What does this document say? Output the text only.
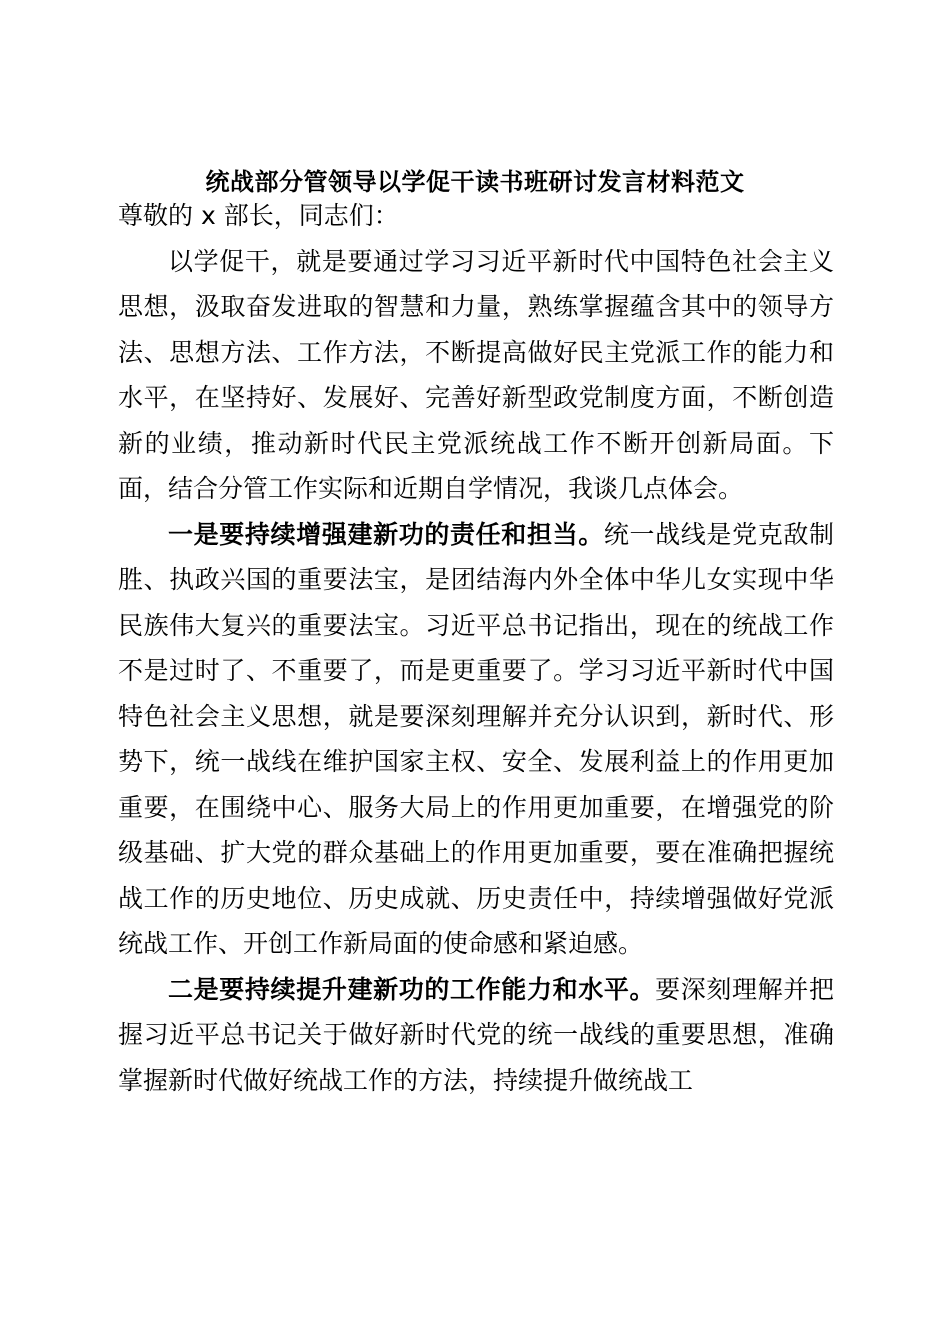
统战部分管领导以学促干读书班研讨发言材料范文

尊敬的 x 部长，同志们：

以学促干，就是要通过学习习近平新时代中国特色社会主义思想，汲取奋发进取的智慧和力量，熟练掌握蕴含其中的领导方法、思想方法、工作方法，不断提高做好民主党派工作的能力和水平，在坚持好、发展好、完善好新型政党制度方面，不断创造新的业绩，推动新时代民主党派统战工作不断开创新局面。下面，结合分管工作实际和近期自学情况，我谈几点体会。

一是要持续增强建新功的责任和担当。统一战线是党克敌制胜、执政兴国的重要法宝，是团结海内外全体中华儿女实现中华民族伟大复兴的重要法宝。习近平总书记指出，现在的统战工作不是过时了、不重要了，而是更重要了。学习习近平新时代中国特色社会主义思想，就是要深刻理解并充分认识到，新时代、形势下，统一战线在维护国家主权、安全、发展利益上的作用更加重要，在围绕中心、服务大局上的作用更加重要，在增强党的阶级基础、扩大党的群众基础上的作用更加重要，要在准确把握统战工作的历史地位、历史成就、历史责任中，持续增强做好党派统战工作、开创工作新局面的使命感和紧迫感。

二是要持续提升建新功的工作能力和水平。要深刻理解并把握习近平总书记关于做好新时代党的统一战线的重要思想，准确掌握新时代做好统战工作的方法，持续提升做统战工
